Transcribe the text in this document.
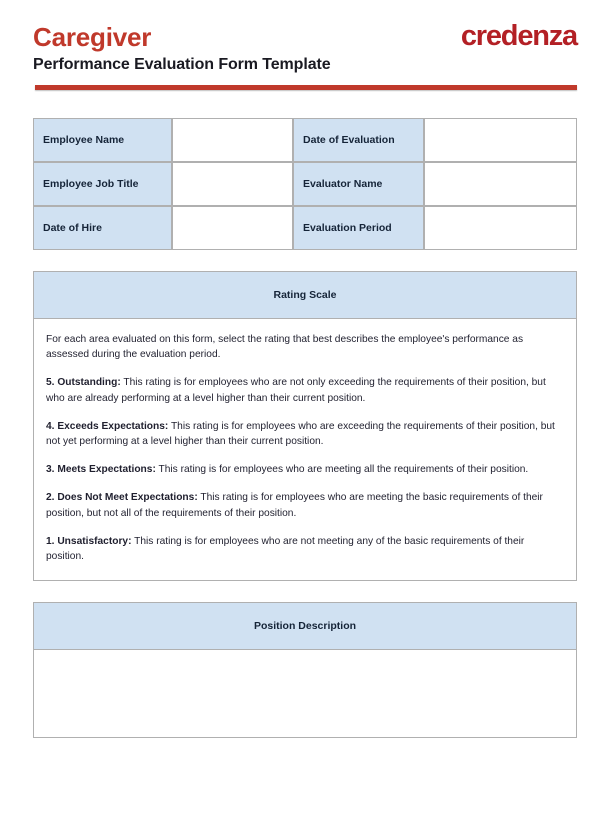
Caregiver
Performance Evaluation Form Template
credenza
Employee Name		Date of Evaluation	
Employee Job Title		Evaluator Name	
Date of Hire		Evaluation Period	
Rating Scale

For each area evaluated on this form, select the rating that best describes the employee's performance as assessed during the evaluation period.

5. Outstanding: This rating is for employees who are not only exceeding the requirements of their position, but who are already performing at a level higher than their current position.

4. Exceeds Expectations: This rating is for employees who are exceeding the requirements of their position, but not yet performing at a level higher than their current position.

3. Meets Expectations: This rating is for employees who are meeting all the requirements of their position.

2. Does Not Meet Expectations: This rating is for employees who are meeting the basic requirements of their position, but not all of the requirements of their position.

1. Unsatisfactory: This rating is for employees who are not meeting any of the basic requirements of their position.

Position Description
